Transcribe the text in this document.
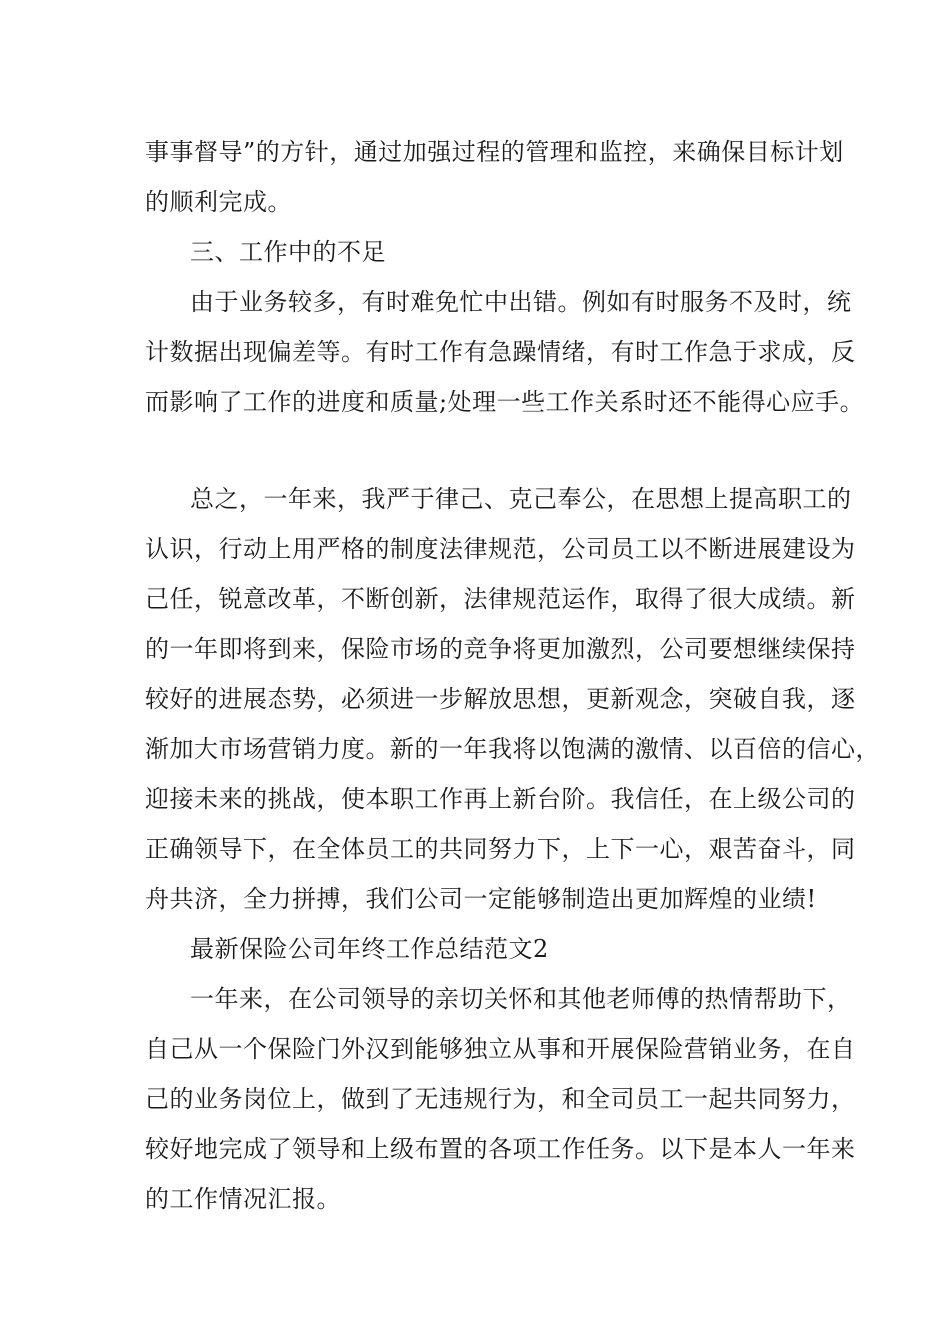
事事督导”的方针，通过加强过程的管理和监控，来确保目标计划
的顺利完成。
三、工作中的不足
由于业务较多，有时难免忙中出错。例如有时服务不及时，统
计数据出现偏差等。有时工作有急躁情绪，有时工作急于求成，反
而影响了工作的进度和质量;处理一些工作关系时还不能得心应手。
总之，一年来，我严于律己、克己奉公，在思想上提高职工的
认识，行动上用严格的制度法律规范，公司员工以不断进展建设为
己任，锐意改革，不断创新，法律规范运作，取得了很大成绩。新
的一年即将到来，保险市场的竞争将更加激烈，公司要想继续保持
较好的进展态势，必须进一步解放思想，更新观念，突破自我，逐
渐加大市场营销力度。新的一年我将以饱满的激情、以百倍的信心，
迎接未来的挑战，使本职工作再上新台阶。我信任，在上级公司的
正确领导下，在全体员工的共同努力下，上下一心，艰苦奋斗，同
舟共济，全力拼搏，我们公司一定能够制造出更加辉煌的业绩!
最新保险公司年终工作总结范文2
一年来，在公司领导的亲切关怀和其他老师傅的热情帮助下，
自己从一个保险门外汉到能够独立从事和开展保险营销业务，在自
己的业务岗位上，做到了无违规行为，和全司员工一起共同努力，
较好地完成了领导和上级布置的各项工作任务。以下是本人一年来
的工作情况汇报。
